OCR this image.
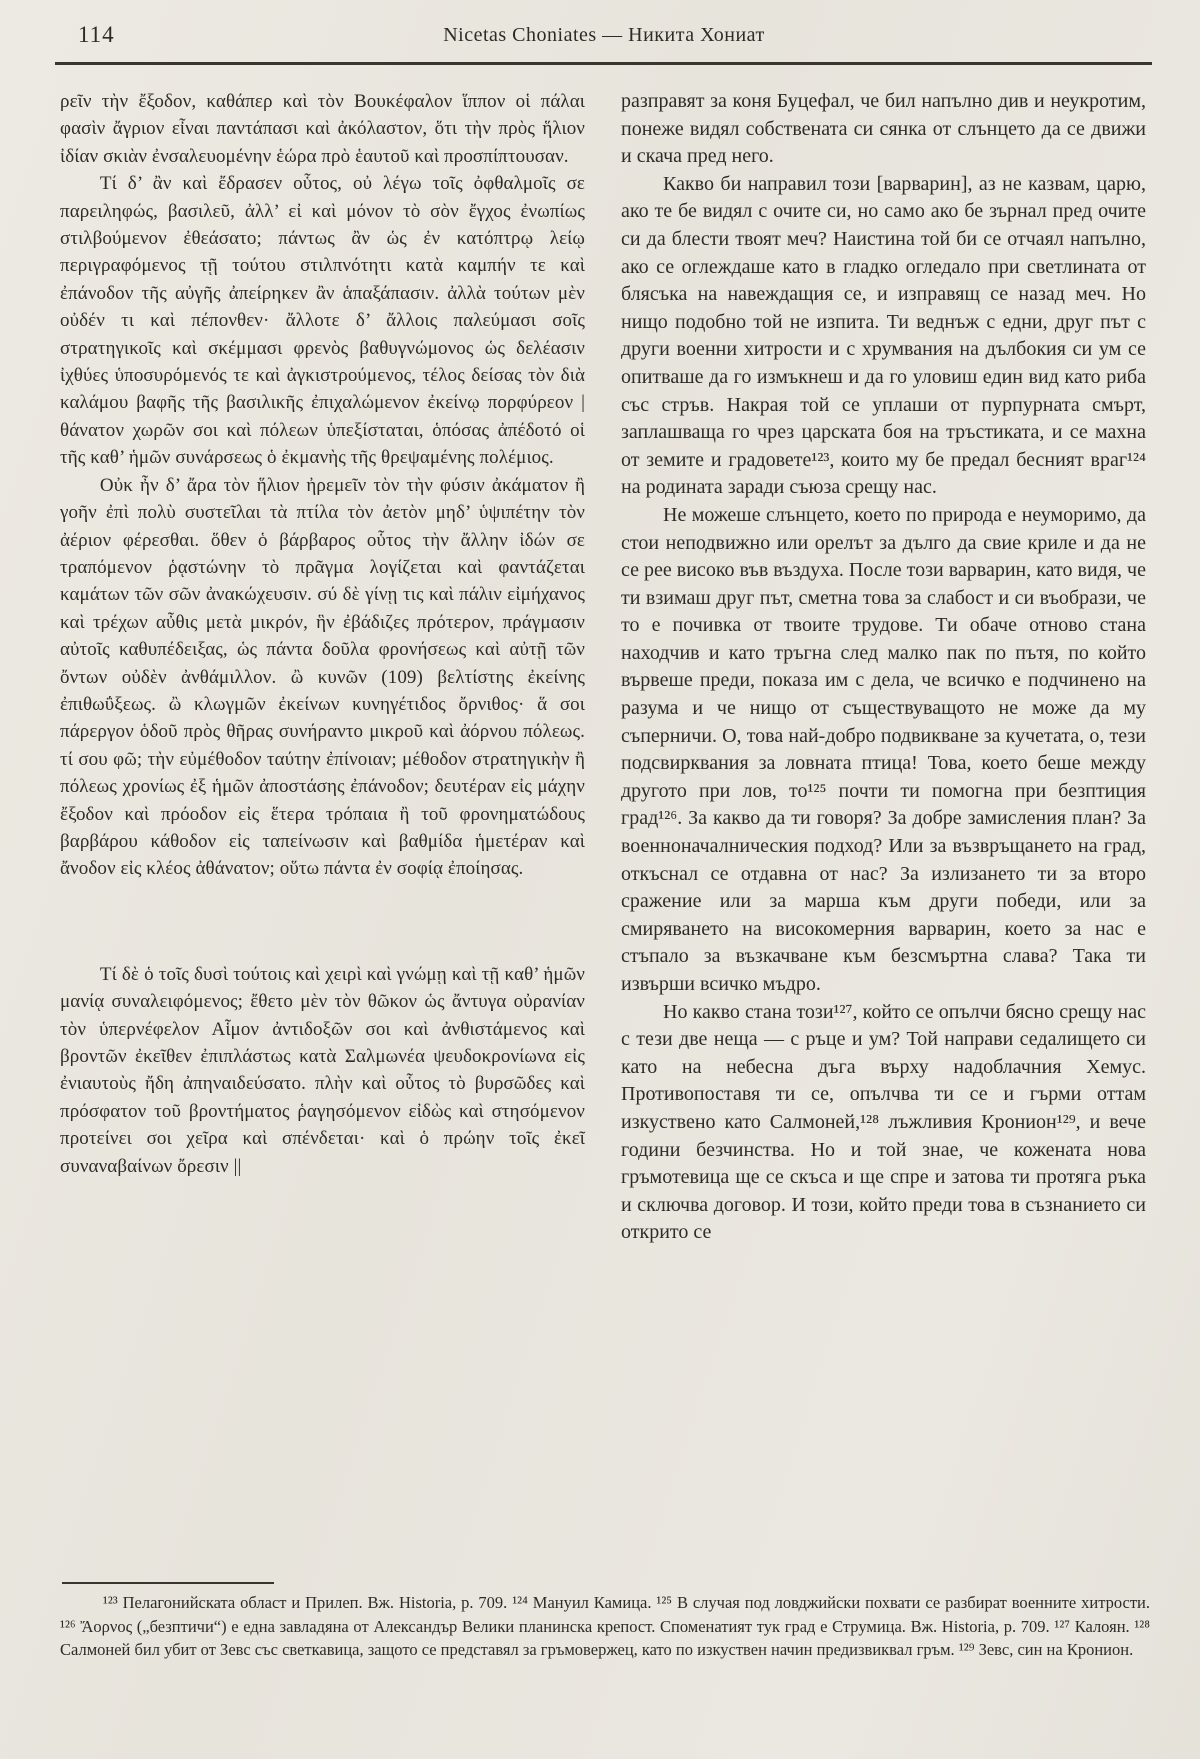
114	Nicetas Choniates — Никита Хониат

ρεῖν τὴν ἔξοδον, καθάπερ καὶ τὸν Βουκέφαλον ἵππον οἱ πάλαι φασὶν ἄγριον εἶναι παντάπασι καὶ ἀκόλαστον, ὅτι τὴν πρὸς ἥλιον ἰδίαν σκιὰν ἐνσαλευομένην ἑώρα πρὸ ἑαυτοῦ καὶ προσπίπτουσαν.

Τί δ’ ἂν καὶ ἔδρασεν οὗτος, οὐ λέγω τοῖς ὀφθαλμοῖς σε παρειληφώς, βασιλεῦ, ἀλλ’ εἰ καὶ μόνον τὸ σὸν ἔγχος ἐνωπίως στιλβούμενον ἐθεάσατο; πάντως ἂν ὡς ἐν κατόπτρῳ λείῳ περιγραφόμενος τῇ τούτου στιλπνότητι κατὰ καμπήν τε καὶ ἐπάνοδον τῆς αὐγῆς ἀπείρηκεν ἂν ἁπαξάπασιν. ἀλλὰ τούτων μὲν οὐδέν τι καὶ πέπονθεν· ἄλλοτε δ’ ἄλλοις παλεύμασι σοῖς στρατηγικοῖς καὶ σκέμμασι φρενὸς βαθυγνώμονος ὡς δελέασιν ἰχθύες ὑποσυρόμενός τε καὶ ἀγκιστρούμενος, τέλος δείσας τὸν διὰ καλάμου βαφῆς τῆς βασιλικῆς ἐπιχαλώμενον ἐκείνῳ πορφύρεον | θάνατον χωρῶν σοι καὶ πόλεων ὑπεξίσταται, ὁπόσας ἀπέδοτό οἱ τῆς καθ’ ἡμῶν συνάρσεως ὁ ἐκμανὴς τῆς θρεψαμένης πολέμιος.

Οὐκ ἦν δ’ ἄρα τὸν ἥλιον ἠρεμεῖν τὸν τὴν φύσιν ἀκάματον ἢ γοῆν ἐπὶ πολὺ συστεῖλαι τὰ πτίλα τὸν ἀετὸν μηδ’ ὑψιπέτην τὸν ἀέριον φέρεσθαι. ὅθεν ὁ βάρβαρος οὗτος τὴν ἄλλην ἰδών σε τραπόμενον ῥᾳστώνην τὸ πρᾶγμα λογίζεται καὶ φαντάζεται καμάτων τῶν σῶν ἀνακώχευσιν. σύ δὲ γίνῃ τις καὶ πάλιν εἰμήχανος καὶ τρέχων αὖθις μετὰ μικρόν, ἣν ἐβάδιζες πρότερον, πράγμασιν αὐτοῖς καθυπέδειξας, ὡς πάντα δοῦλα φρονήσεως καὶ αὐτῇ τῶν ὄντων οὐδὲν ἀνθάμιλλον. ὢ κυνῶν (109) βελτίστης ἐκείνης ἐπιθωΰξεως. ὢ κλωγμῶν ἐκείνων κυνηγέτιδος ὄρνιθος· ἅ σοι πάρεργον ὁδοῦ πρὸς θῆρας συνήραντο μικροῦ καὶ ἀόρνου πόλεως. τί σου φῶ; τὴν εὐμέθοδον ταύτην ἐπίνοιαν; μέθοδον στρατηγικὴν ἢ πόλεως χρονίως ἐξ ἡμῶν ἀποστάσης ἐπάνοδον; δευτέραν εἰς μάχην ἔξοδον καὶ πρόοδον εἰς ἕτερα τρόπαια ἢ τοῦ φρονηματώδους βαρβάρου κάθοδον εἰς ταπείνωσιν καὶ βαθμίδα ἡμετέραν καὶ ἄνοδον εἰς κλέος ἀθάνατον; οὕτω πάντα ἐν σοφίᾳ ἐποίησας.

Τί δὲ ὁ τοῖς δυσὶ τούτοις καὶ χειρὶ καὶ γνώμῃ καὶ τῇ καθ’ ἡμῶν μανίᾳ συναλειφόμενος; ἔθετο μὲν τὸν θῶκον ὡς ἄντυγα οὐρανίαν τὸν ὑπερνέφελον Αἷμον ἀντιδοξῶν σοι καὶ ἀνθιστάμενος καὶ βροντῶν ἐκεῖθεν ἐπιπλάστως κατὰ Σαλμωνέα ψευδοκρονίωνα εἰς ἐνιαυτοὺς ἤδη ἀπηναιδεύσατο. πλὴν καὶ οὗτος τὸ βυρσῶδες καὶ πρόσφατον τοῦ βροντήματος ῥαγησόμενον εἰδὼς καὶ στησόμενον προτείνει σοι χεῖρα καὶ σπένδεται· καὶ ὁ πρώην τοῖς ἐκεῖ συναναβαίνων ὄρεσιν ||

разправят за коня Буцефал, че бил напълно див и неукротим, понеже видял собствената си сянка от слънцето да се движи и скача пред него.

Какво би направил този [варварин], аз не казвам, царю, ако те бе видял с очите си, но само ако бе зърнал пред очите си да блести твоят меч? Наистина той би се отчаял напълно, ако се оглеждаше като в гладко огледало при светлината от блясъка на навеждащия се, и изправящ се назад меч. Но нищо подобно той не изпита. Ти веднъж с едни, друг път с други военни хитрости и с хрумвания на дълбокия си ум се опитваше да го измъкнеш и да го уловиш един вид като риба със стръв. Накрая той се уплаши от пурпурната смърт, заплашваща го чрез царската боя на тръстиката, и се махна от земите и градовете¹²³, които му бе предал бесният враг¹²⁴ на родината заради съюза срещу нас.

Не можеше слънцето, което по природа е неуморимо, да стои неподвижно или орелът за дълго да свие криле и да не се рее високо във въздуха. После този варварин, като видя, че ти взимаш друг път, сметна това за слабост и си въобрази, че то е почивка от твоите трудове. Ти обаче отново стана находчив и като тръгна след малко пак по пътя, по който вървеше преди, показа им с дела, че всичко е подчинено на разума и че нищо от съществуващото не може да му съперничи. О, това най-добро подвикване за кучетата, о, тези подсвирквания за ловната птица! Това, което беше между другото при лов, то¹²⁵ почти ти помогна при безптиция град¹²⁶. За какво да ти говоря? За добре замисления план? За военноначалническия подход? Или за възвръщането на град, откъснал се отдавна от нас? За излизането ти за второ сражение или за марша към други победи, или за смиряването на високомерния варварин, което за нас е стъпало за възкачване към безсмъртна слава? Така ти извърши всичко мъдро.

Но какво стана този¹²⁷, който се опълчи бясно срещу нас с тези две неща — с ръце и ум? Той направи седалището си като на небесна дъга върху надоблачния Хемус. Противопоставя ти се, опълчва ти се и гърми оттам изкуствено като Салмоней,¹²⁸ лъжливия Кронион¹²⁹, и вече години безчинства. Но и той знае, че кожената нова гръмотевица ще се скъса и ще спре и затова ти протяга ръка и сключва договор. И този, който преди това в съзнанието си открито се

¹²³ Пелагонийската област и Прилеп. Вж. Historia, p. 709. ¹²⁴ Мануил Камица. ¹²⁵ В случая под ловджийски похвати се разбират военните хитрости. ¹²⁶ Ἄορνος („безптичи“) е една завладяна от Александър Велики планинска крепост. Споменатият тук град е Струмица. Вж. Historia, p. 709. ¹²⁷ Калоян. ¹²⁸ Салмоней бил убит от Зевс със светкавица, защото се представял за гръмовержец, като по изкуствен начин предизвиквал гръм. ¹²⁹ Зевс, син на Кронион.
